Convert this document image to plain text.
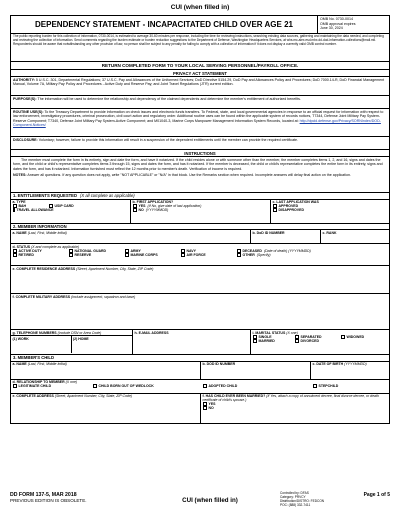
CUI (when filled in)
DEPENDENCY STATEMENT - INCAPACITATED CHILD OVER AGE 21
OMB No. 0730-0014
OMB approval expires
June 30, 2024
The public reporting burden for this collection of information, 0730-0014, is estimated to average 30-60 minutes per response, including the time for reviewing instructions, searching existing data sources, gathering and maintaining the data needed, and completing and reviewing the collection of information. Send comments regarding the burden estimate or burden reduction suggestions to the Department of Defense, Washington Headquarters Services, at whs.mc-alex.esd.mbx.dd-dod-information-collections@mail.mil. Respondents should be aware that notwithstanding any other provision of law, no person shall be subject to any penalty for failing to comply with a collection of information if it does not display a currently valid OMB control number.
RETURN COMPLETED FORM TO YOUR LOCAL SERVING PERSONNEL/PAYROLL OFFICE.
PRIVACY ACT STATEMENT
AUTHORITY: 5 U.S.C. 301, Departmental Regulations; 37 U.S.C. Pay and Allowances of the Uniformed Services; DoD Directive 5154.29, DoD Pay and Allowances Policy and Procedures; DoD 7000.14-R, DoD Financial Management Manual, Volume 7A, Military Pay Policy and Procedures - Active Duty and Reserve Pay; and Joint Travel Regulations (JTR) current edition.
PURPOSE(S): The information will be used to determine the relationship and dependency of the claimed dependents and determine the member's entitlement of authorized benefits.
ROUTINE USE(S): To the Treasury Department to provide information on check issues and electronic funds transfers. To Federal, state, and local governmental agencies in response to an official request for information with respect to law enforcement, investigatory procedures, criminal prosecution, civil court action and regulatory order. Additional routine uses can be found within the applicable system of records notices, T7344, Defense Joint Military Pay System-Reserve Component; T7340, Defense Joint Military Pay System-Active Component; and M01040-3, Marine Corps Manpower Management Information System Records, located at: http://dpcld.defense.gov/Privacy/SORNIndex/DOD-Component-Notices/
DISCLOSURE: Voluntary; however, failure to provide this information will result in a suspension of the dependent entitlements until the member can provide the required certificate.
INSTRUCTIONS
The member must complete the form in its entirety, sign and date the form, and have it notarized. If the child resides alone or with someone other than the member, the member completes items 1, 2, and 16, signs and dates the form, and the child or child's representative completes items 3 through 15, signs and dates the form, and has it notarized. If the member is deceased, the child or child's representative completes the entire form in its entirety, signs and dates the form, and has it notarized. Information furnished must reflect the 12 months prior to member's death. Verification of income is required.
NOTES: Answer all questions. If any question does not apply, write "NOT APPLICABLE" or "N/A" in that block. Use the Remarks section when required. Incomplete answers will delay final action on the application.
1. ENTITLEMENTS REQUESTED (X all complete as applicable)
a. TYPE
BAH	USIP CARD
TRAVEL ALLOWANCE
b. FIRST APPLICATION?
YES (If No, give date of last application)
NO (YYYYMMDD)
c. LAST APPLICATION WAS
APPROVED
DISAPPROVED
2. MEMBER INFORMATION
a. NAME (Last, First, Middle Initial)	b. DoD ID NUMBER	c. RANK
d. STATUS (X and complete as applicable)
ACTIVE DUTY	NATIONAL GUARD	ARMY	NAVY	DECEASED (Date of death) (YYYYMMDD)
RETIRED	RESERVE	MARINE CORPS	AIR FORCE	OTHER (Specify)
e. COMPLETE RESIDENCE ADDRESS (Street, Apartment Number, City, State, ZIP Code)
f. COMPLETE MILITARY ADDRESS (include assignment, squadron and base)
g. TELEPHONE NUMBERS (Include DSN or Area Code)
(1) WORK	(2) HOME
h. E-MAIL ADDRESS	i. MARITAL STATUS (X one)
SINGLE	SEPARATED	WIDOWED
MARRIED	DIVORCED
3. MEMBER'S CHILD
a. NAME (Last, First, Middle Initial)	b. DOD ID NUMBER	c. DATE OF BIRTH (YYYYMMDD)
d. RELATIONSHIP TO MEMBER (X one)
LEGITIMATE CHILD	CHILD BORN OUT OF WEDLOCK	ADOPTED CHILD	STEPCHILD
e. COMPLETE ADDRESS (Street, Apartment Number, City, State, ZIP Code)	f. HAS CHILD EVER BEEN MARRIED? (If Yes, attach a copy of annulment decree, final divorce decree, or death certificate of child's spouse.)
YES
NO
DD FORM 137-5, MAR 2018
PREVIOUS EDITION IS OBSOLETE.	CUI (when filled in)
Controlled by: DFAS
Category: PRVCY
Distribution/DISTRO: FEDCON
POC: (888) 332-7411
Page 1 of 5
